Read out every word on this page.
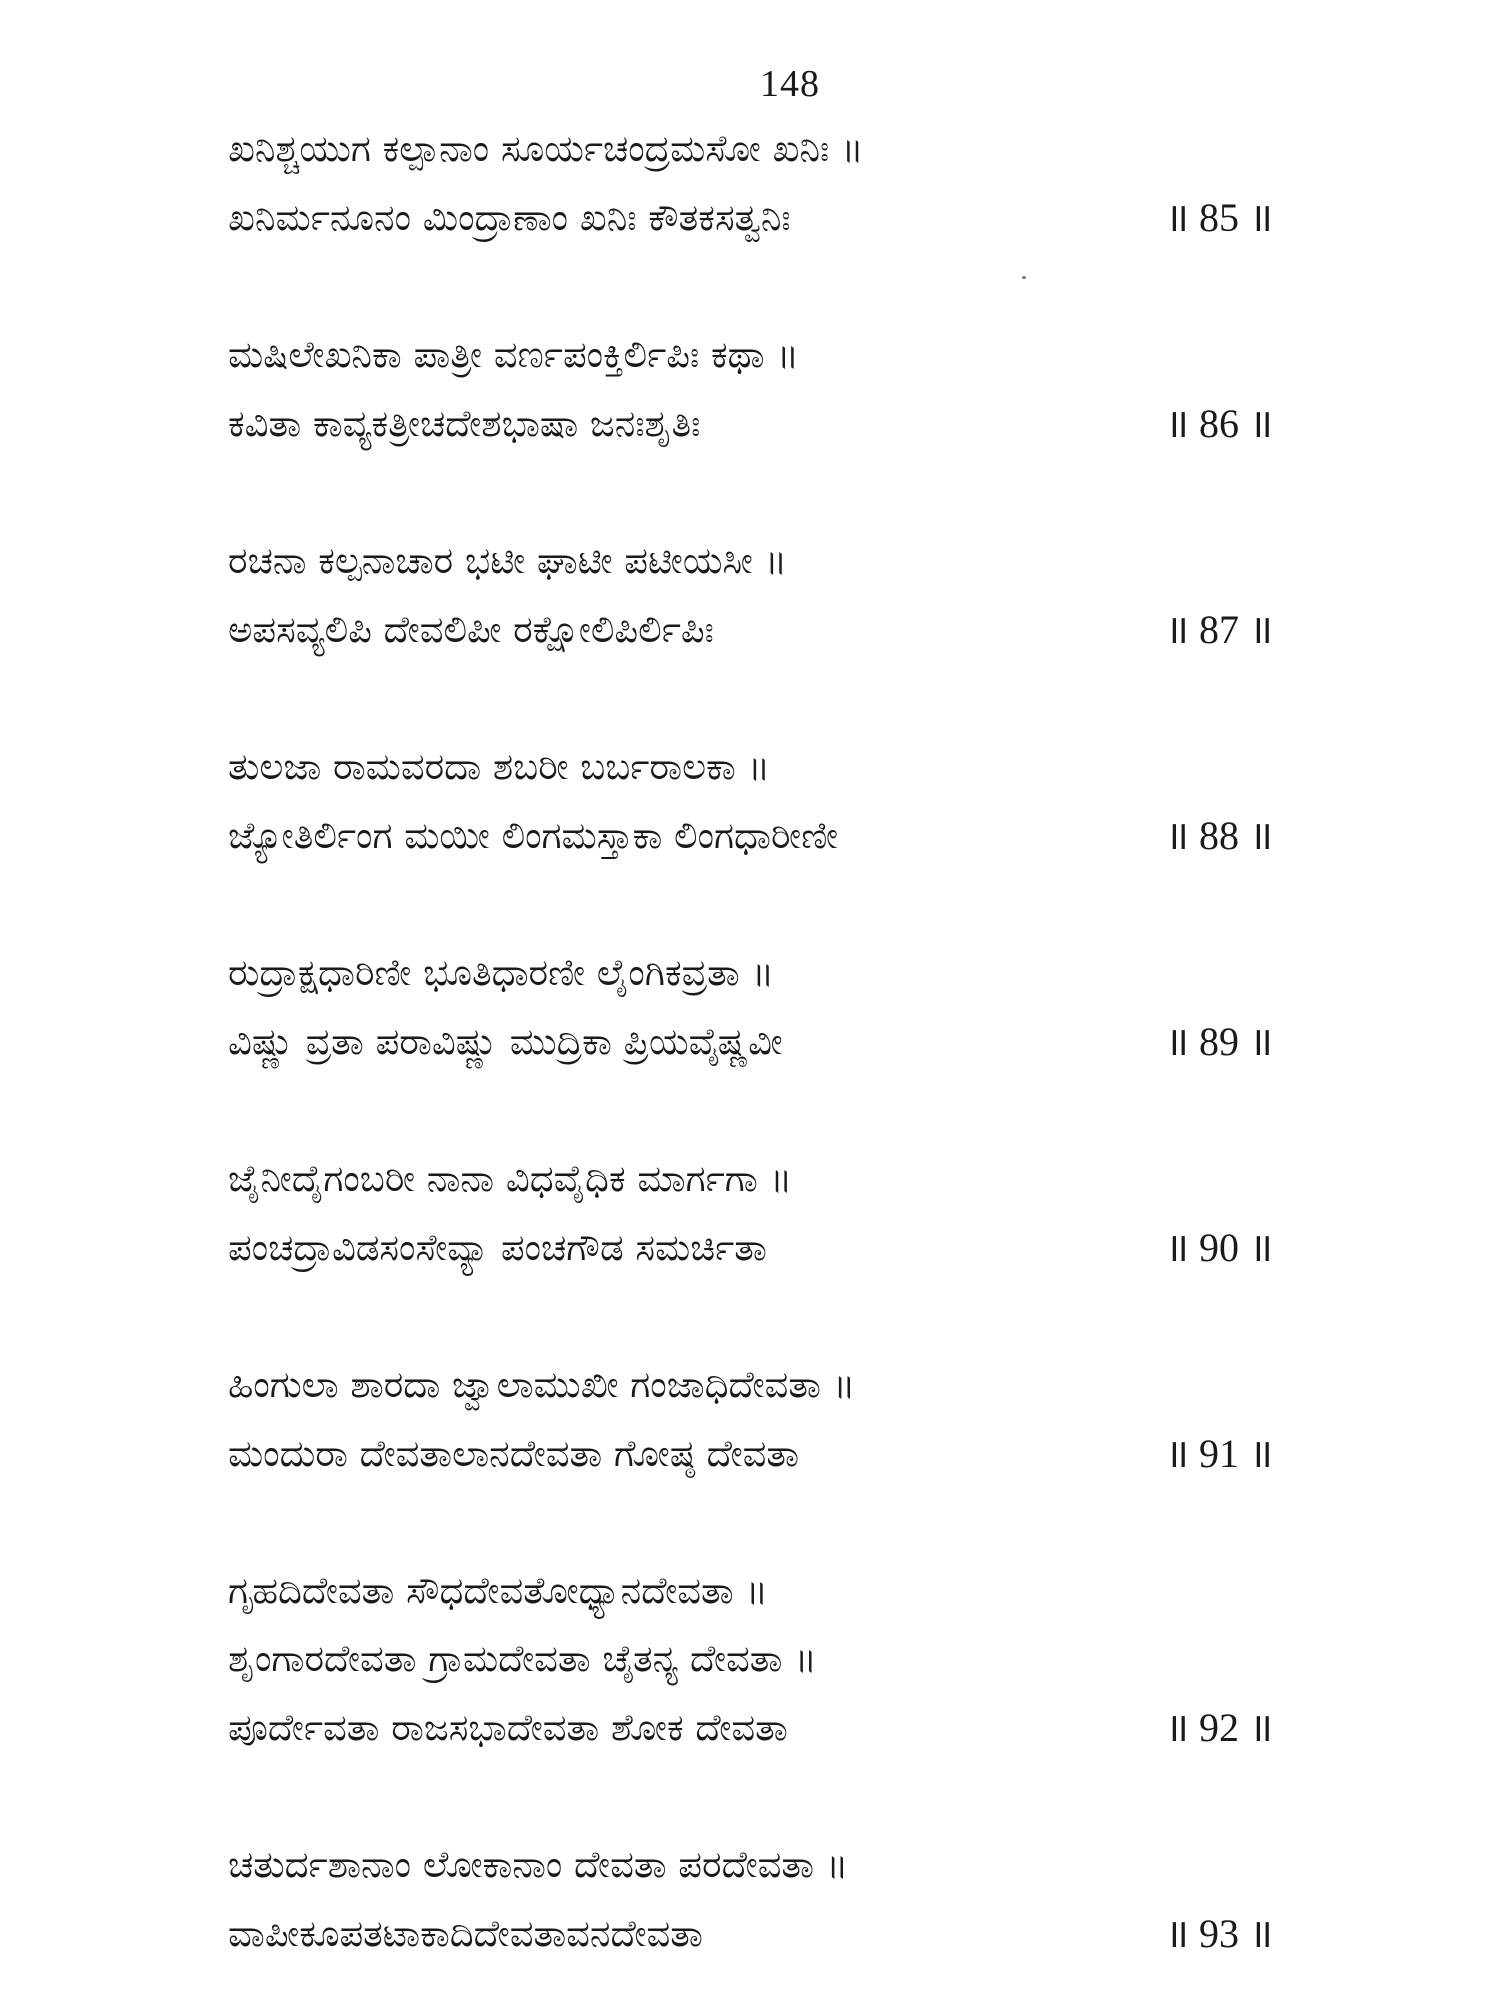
148
ಖನಿಶ್ಚಯುಗ ಕಲ್ಪಾನಾಂ ಸೂರ್ಯಚಂದ್ರಮಸೋ ಖನಿಃ ॥
ಖನಿರ್ಮನೂನಂ ಮಿಂದ್ರಾಣಾಂ ಖನಿಃ ಕೌತಕಸತ್ವನಿಃ	॥ 85 ॥
ಮಷಿಲೇಖನಿಕಾ ಪಾತ್ರೀ ವರ್ಣಪಂಕ್ತಿರ್ಲಿಪಿಃ ಕಥಾ ॥
ಕವಿತಾ ಕಾವ್ಯಕತ್ರೀಚದೇಶಭಾಷಾ ಜನಃಶೃತಿಃ	॥ 86 ॥
ರಚನಾ ಕಲ್ಪನಾಚಾರ ಭಟೀ ಘಾಟೀ ಪಟೀಯಸೀ ॥
ಅಪಸವ್ಯಲಿಪಿ ದೇವಲಿಪೀ ರಕ್ಷೋಲಿಪಿರ್ಲಿಪಿಃ	॥ 87 ॥
ತುಲಜಾ ರಾಮವರದಾ ಶಬರೀ ಬರ್ಬರಾಲಕಾ ॥
ಜ್ಯೋತಿರ್ಲಿಂಗ ಮಯೀ ಲಿಂಗಮಸ್ತಾಕಾ ಲಿಂಗಧಾರೀಣೀ	॥ 88 ॥
ರುದ್ರಾಕ್ಷಧಾರಿಣೀ ಭೂತಿಧಾರಣೀ ಲೈಂಗಿಕವ್ರತಾ ॥
ವಿಷ್ಣು ವ್ರತಾ ಪರಾವಿಷ್ಣು ಮುದ್ರಿಕಾ ಪ್ರಿಯವೈಷ್ಣವೀ	॥ 89 ॥
ಜೈನೀದೈಗಂಬರೀ ನಾನಾ ವಿಧವೈಧಿಕ ಮಾರ್ಗಗಾ ॥
ಪಂಚದ್ರಾವಿಡಸಂಸೇವ್ಯಾ ಪಂಚಗೌಡ ಸಮರ್ಚಿತಾ	॥ 90 ॥
ಹಿಂಗುಲಾ ಶಾರದಾ ಜ್ವಾಲಾಮುಖೀ ಗಂಜಾಧಿದೇವತಾ ॥
ಮಂದುರಾ ದೇವತಾಲಾನದೇವತಾ ಗೋಷ್ಠ ದೇವತಾ	॥ 91 ॥
ಗೃಹದಿದೇವತಾ ಸೌಧದೇವತೋಧ್ಯಾನದೇವತಾ ॥
ಶೃಂಗಾರದೇವತಾ ಗ್ರಾಮದೇವತಾ ಚೈತನ್ಯ ದೇವತಾ ॥
ಪೂರ್ದೇವತಾ ರಾಜಸಭಾದೇವತಾ ಶೋಕ ದೇವತಾ	॥ 92 ॥
ಚತುರ್ದಶಾನಾಂ ಲೋಕಾನಾಂ ದೇವತಾ ಪರದೇವತಾ ॥
ವಾಪೀಕೂಪತಟಾಕಾದಿದೇವತಾವನದೇವತಾ	॥ 93 ॥
